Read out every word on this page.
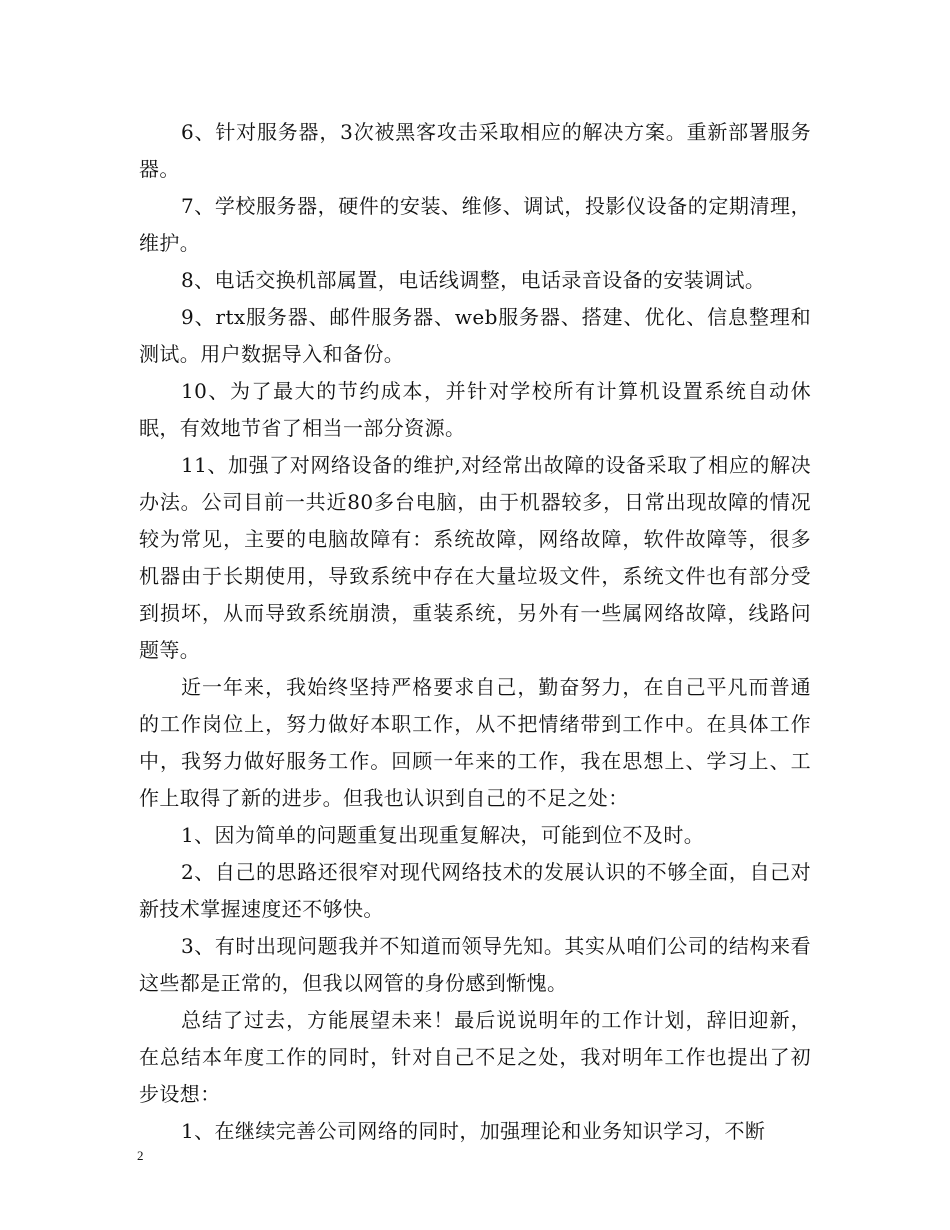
6、针对服务器，3次被黑客攻击采取相应的解决方案。重新部署服务器。

7、学校服务器，硬件的安装、维修、调试，投影仪设备的定期清理，维护。

8、电话交换机部属置，电话线调整，电话录音设备的安装调试。

9、rtx服务器、邮件服务器、web服务器、搭建、优化、信息整理和测试。用户数据导入和备份。

10、为了最大的节约成本，并针对学校所有计算机设置系统自动休眠，有效地节省了相当一部分资源。

11、加强了对网络设备的维护,对经常出故障的设备采取了相应的解决办法。公司目前一共近80多台电脑，由于机器较多，日常出现故障的情况较为常见，主要的电脑故障有：系统故障，网络故障，软件故障等，很多机器由于长期使用，导致系统中存在大量垃圾文件，系统文件也有部分受到损坏，从而导致系统崩溃，重装系统，另外有一些属网络故障，线路问题等。

近一年来，我始终坚持严格要求自己，勤奋努力，在自己平凡而普通的工作岗位上，努力做好本职工作，从不把情绪带到工作中。在具体工作中，我努力做好服务工作。回顾一年来的工作，我在思想上、学习上、工作上取得了新的进步。但我也认识到自己的不足之处：

1、因为简单的问题重复出现重复解决，可能到位不及时。

2、自己的思路还很窄对现代网络技术的发展认识的不够全面，自己对新技术掌握速度还不够快。

3、有时出现问题我并不知道而领导先知。其实从咱们公司的结构来看这些都是正常的，但我以网管的身份感到惭愧。

总结了过去，方能展望未来！最后说说明年的工作计划，辞旧迎新，在总结本年度工作的同时，针对自己不足之处，我对明年工作也提出了初步设想：

1、在继续完善公司网络的同时，加强理论和业务知识学习，不断

2
